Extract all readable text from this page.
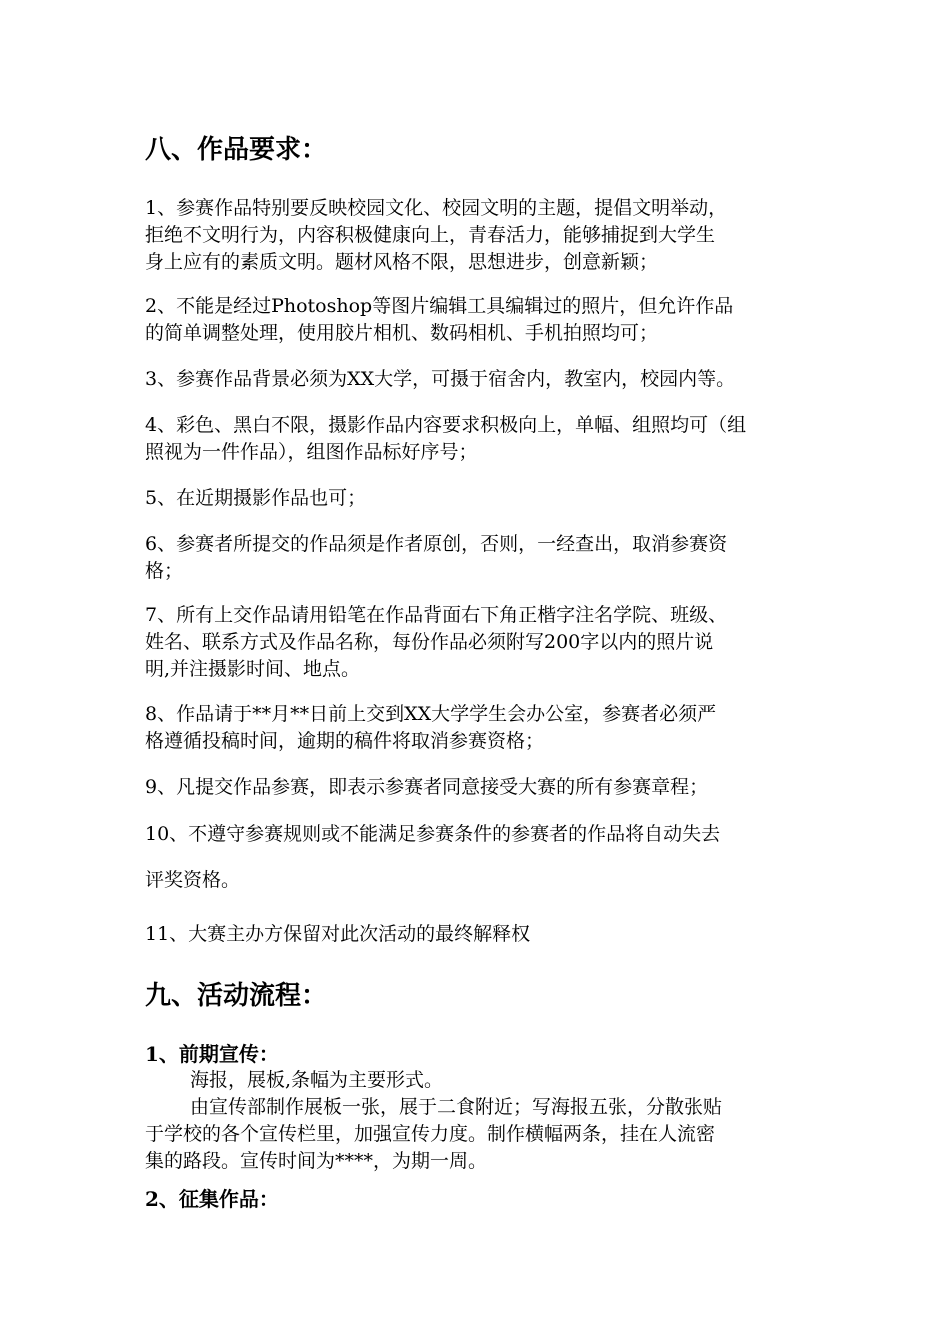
八、作品要求：
1、参赛作品特别要反映校园文化、校园文明的主题，提倡文明举动，
拒绝不文明行为，内容积极健康向上，青春活力，能够捕捉到大学生
身上应有的素质文明。题材风格不限，思想进步，创意新颖；
2、不能是经过Photoshop等图片编辑工具编辑过的照片，但允许作品
的简单调整处理，使用胶片相机、数码相机、手机拍照均可；
3、参赛作品背景必须为XX大学，可摄于宿舍内，教室内，校园内等。
4、彩色、黑白不限，摄影作品内容要求积极向上，单幅、组照均可（组
照视为一件作品），组图作品标好序号；
5、在近期摄影作品也可；
6、参赛者所提交的作品须是作者原创，否则，一经查出，取消参赛资
格；
7、所有上交作品请用铅笔在作品背面右下角正楷字注名学院、班级、
姓名、联系方式及作品名称，每份作品必须附写200字以内的照片说
明,并注摄影时间、地点。
8、作品请于**月**日前上交到XX大学学生会办公室，参赛者必须严
格遵循投稿时间，逾期的稿件将取消参赛资格；
9、凡提交作品参赛，即表示参赛者同意接受大赛的所有参赛章程；
10、不遵守参赛规则或不能满足参赛条件的参赛者的作品将自动失去
评奖资格。
11、大赛主办方保留对此次活动的最终解释权
九、活动流程：
1、前期宣传：
海报，展板,条幅为主要形式。
由宣传部制作展板一张，展于二食附近；写海报五张，分散张贴
于学校的各个宣传栏里，加强宣传力度。制作横幅两条，挂在人流密
集的路段。宣传时间为****，为期一周。
2、征集作品：
